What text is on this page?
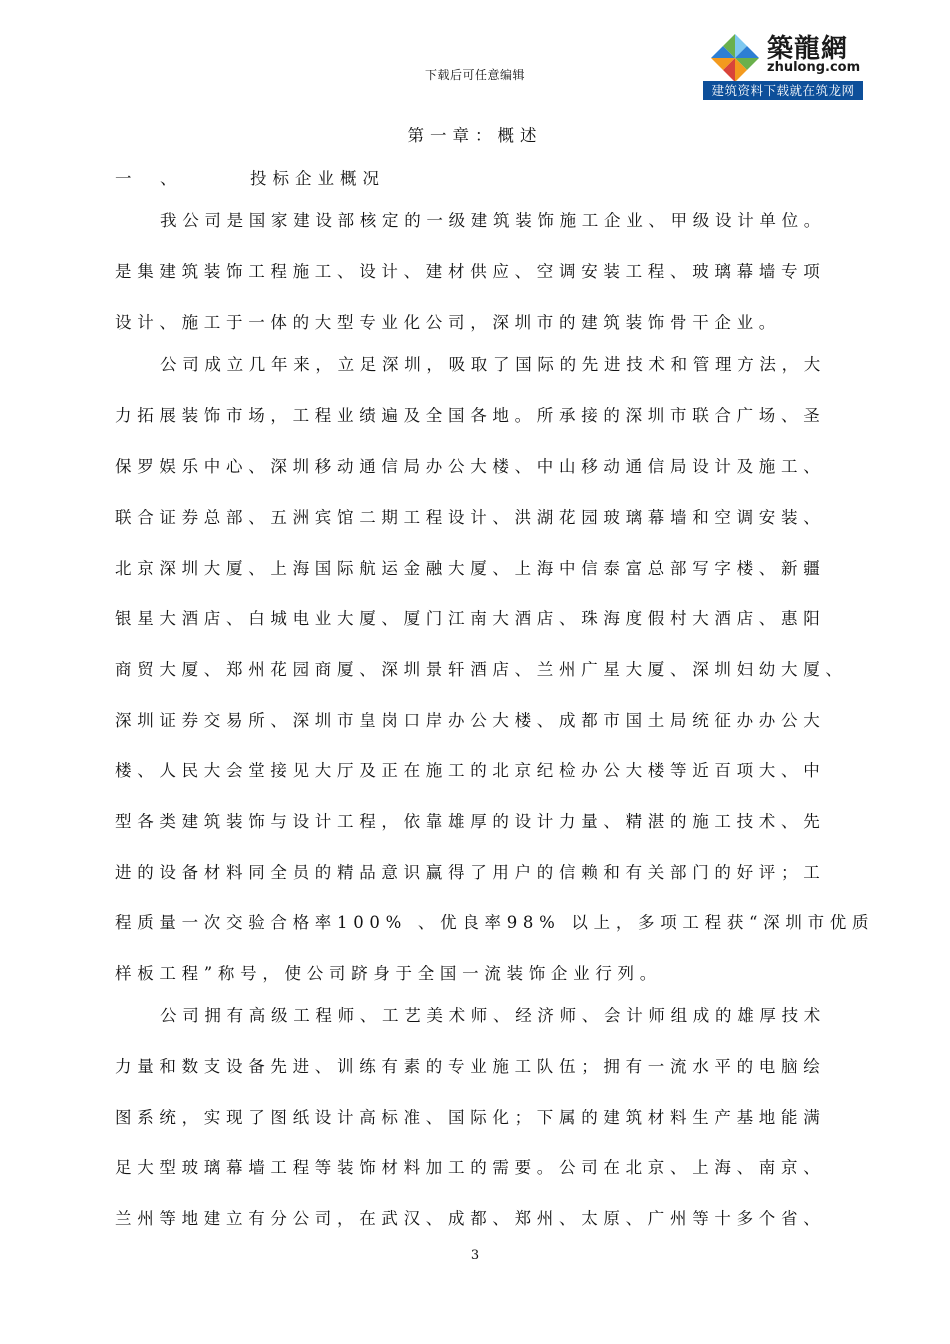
下载后可任意编辑
築龍網
zhulong.com
建筑资料下载就在筑龙网
第一章：概述
一 、	投标企业概况
我公司是国家建设部核定的一级建筑装饰施工企业、甲级设计单位。
是集建筑装饰工程施工、设计、建材供应、空调安装工程、玻璃幕墙专项
设计、施工于一体的大型专业化公司，深圳市的建筑装饰骨干企业。
公司成立几年来，立足深圳，吸取了国际的先进技术和管理方法，大
力拓展装饰市场，工程业绩遍及全国各地。所承接的深圳市联合广场、圣
保罗娱乐中心、深圳移动通信局办公大楼、中山移动通信局设计及施工、
联合证券总部、五洲宾馆二期工程设计、洪湖花园玻璃幕墙和空调安装、
北京深圳大厦、上海国际航运金融大厦、上海中信泰富总部写字楼、新疆
银星大酒店、白城电业大厦、厦门江南大酒店、珠海度假村大酒店、惠阳
商贸大厦、郑州花园商厦、深圳景轩酒店、兰州广星大厦、深圳妇幼大厦、
深圳证券交易所、深圳市皇岗口岸办公大楼、成都市国土局统征办办公大
楼、人民大会堂接见大厅及正在施工的北京纪检办公大楼等近百项大、中
型各类建筑装饰与设计工程，依靠雄厚的设计力量、精湛的施工技术、先
进的设备材料同全员的精品意识赢得了用户的信赖和有关部门的好评；工
程质量一次交验合格率100% 、优良率98% 以上，多项工程获“深圳市优质
样板工程”称号，使公司跻身于全国一流装饰企业行列。
公司拥有高级工程师、工艺美术师、经济师、会计师组成的雄厚技术
力量和数支设备先进、训练有素的专业施工队伍；拥有一流水平的电脑绘
图系统，实现了图纸设计高标准、国际化；下属的建筑材料生产基地能满
足大型玻璃幕墙工程等装饰材料加工的需要。公司在北京、上海、南京、
兰州等地建立有分公司，在武汉、成都、郑州、太原、广州等十多个省、
3
